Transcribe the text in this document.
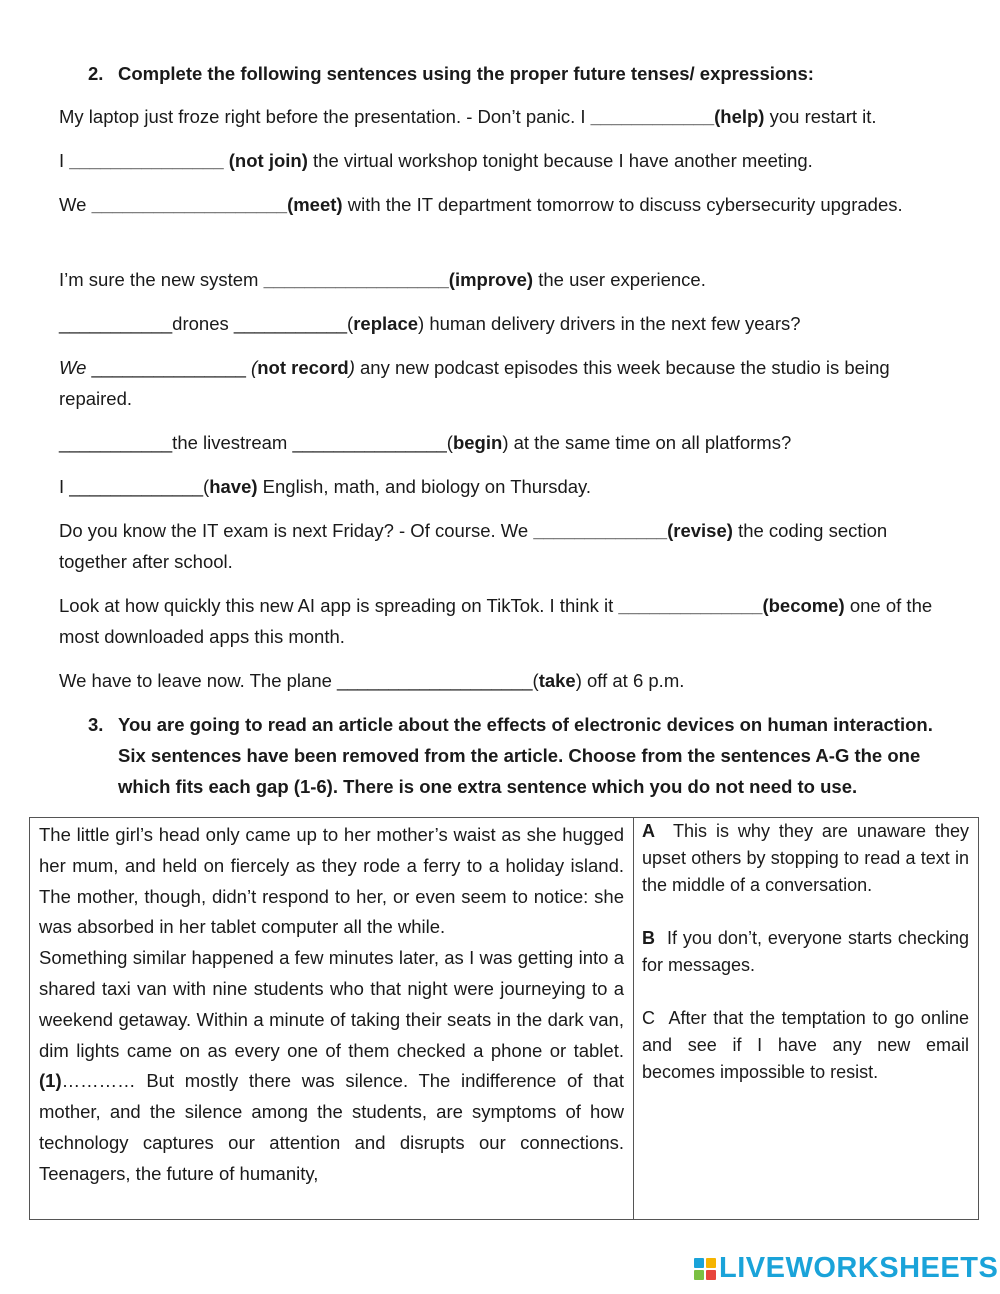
2. Complete the following sentences using the proper future tenses/ expressions:

My laptop just froze right before the presentation. - Don’t panic. I ____________(help) you restart it.

I _______________ (not join) the virtual workshop tonight because I have another meeting.

We ___________________(meet) with the IT department tomorrow to discuss cybersecurity upgrades.

I’m sure the new system __________________(improve) the user experience.

___________drones ___________(replace) human delivery drivers in the next few years?

We _______________ (not record) any new podcast episodes this week because the studio is being repaired.

___________the livestream _______________(begin) at the same time on all platforms?

I _____________(have) English, math, and biology on Thursday.

Do you know the IT exam is next Friday? - Of course. We _____________(revise) the coding section together after school.

Look at how quickly this new AI app is spreading on TikTok. I think it ______________(become) one of the most downloaded apps this month.

We have to leave now. The plane ___________________(take) off at 6 p.m.

3. You are going to read an article about the effects of electronic devices on human interaction. Six sentences have been removed from the article. Choose from the sentences A-G the one which fits each gap (1-6). There is one extra sentence which you do not need to use.
The little girl’s head only came up to her mother’s waist as she hugged her mum, and held on fiercely as they rode a ferry to a holiday island. The mother, though, didn’t respond to her, or even seem to notice: she was absorbed in her tablet computer all the while.
Something similar happened a few minutes later, as I was getting into a shared taxi van with nine students who that night were journeying to a weekend getaway. Within a minute of taking their seats in the dark van, dim lights came on as every one of them checked a phone or tablet. (1)………… But mostly there was silence. The indifference of that mother, and the silence among the students, are symptoms of how technology captures our attention and disrupts our connections. Teenagers, the future of humanity,

A This is why they are unaware they upset others by stopping to read a text in the middle of a conversation.

B If you don’t, everyone starts checking for messages.

C After that the temptation to go online and see if I have any new email becomes impossible to resist.

LIVEWORKSHEETS
